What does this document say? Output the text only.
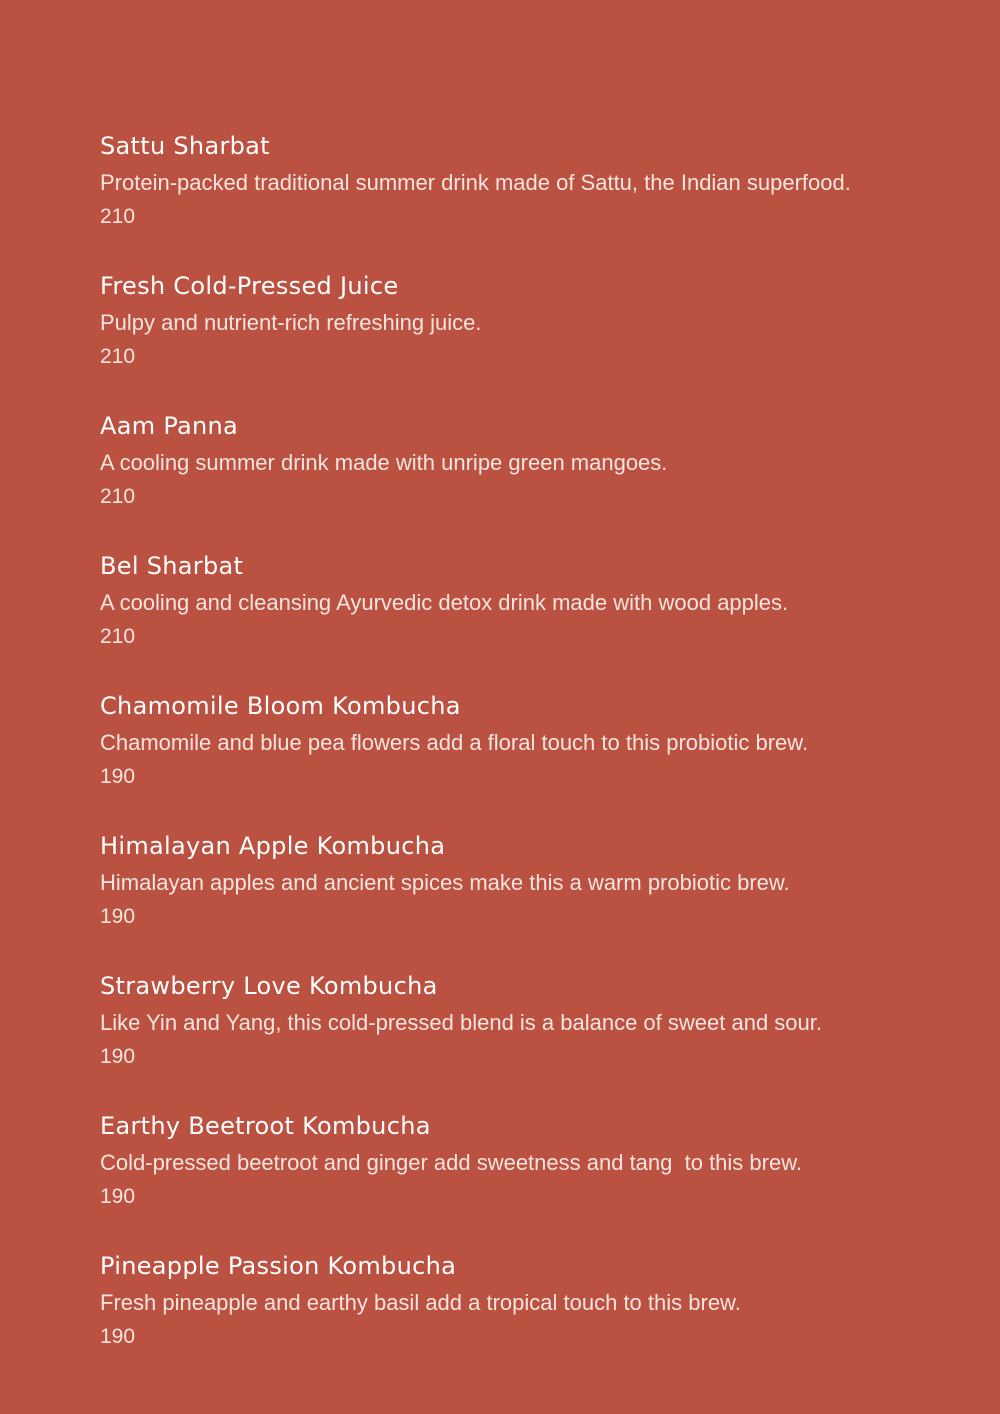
Sattu Sharbat
Protein-packed traditional summer drink made of Sattu, the Indian superfood.
210
Fresh Cold-Pressed Juice
Pulpy and nutrient-rich refreshing juice.
210
Aam Panna
A cooling summer drink made with unripe green mangoes.
210
Bel Sharbat
A cooling and cleansing Ayurvedic detox drink made with wood apples.
210
Chamomile Bloom Kombucha
Chamomile and blue pea flowers add a floral touch to this probiotic brew.
190
Himalayan Apple Kombucha
Himalayan apples and ancient spices make this a warm probiotic brew.
190
Strawberry Love Kombucha
Like Yin and Yang, this cold-pressed blend is a balance of sweet and sour.
190
Earthy Beetroot Kombucha
Cold-pressed beetroot and ginger add sweetness and tang  to this brew.
190
Pineapple Passion Kombucha
Fresh pineapple and earthy basil add a tropical touch to this brew.
190
